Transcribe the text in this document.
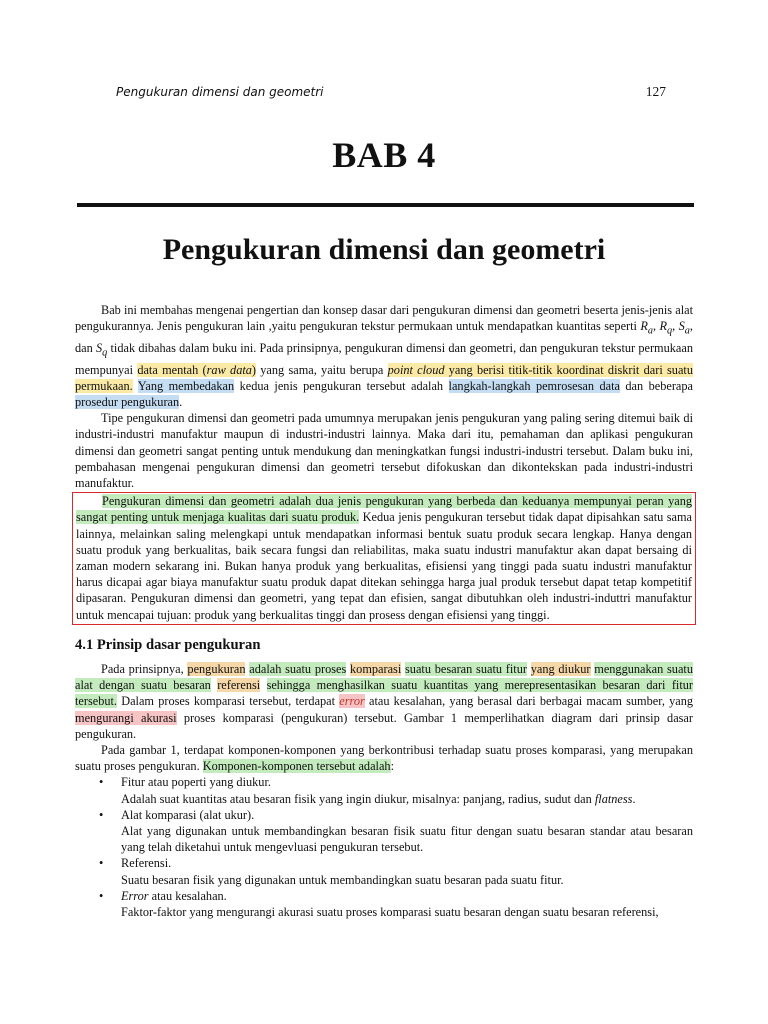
Pengukuran dimensi dan geometri	127
BAB 4
Pengukuran dimensi dan geometri

Bab ini membahas mengenai pengertian dan konsep dasar dari pengukuran dimensi dan geometri beserta jenis-jenis alat pengukurannya. Jenis pengukuran lain ,yaitu pengukuran tekstur permukaan untuk mendapatkan kuantitas seperti $R_a$, $R_q$, $S_a$, dan $S_q$ tidak dibahas dalam buku ini. Pada prinsipnya, pengukuran dimensi dan geometri, dan pengukuran tekstur permukaan mempunyai data mentah (raw data) yang sama, yaitu berupa point cloud yang berisi titik-titik koordinat diskrit dari suatu permukaan. Yang membedakan kedua jenis pengukuran tersebut adalah langkah-langkah pemrosesan data dan beberapa prosedur pengukuran.

Tipe pengukuran dimensi dan geometri pada umumnya merupakan jenis pengukuran yang paling sering ditemui baik di industri-industri manufaktur maupun di industri-industri lainnya. Maka dari itu, pemahaman dan aplikasi pengukuran dimensi dan geometri sangat penting untuk mendukung dan meningkatkan fungsi industri-industri tersebut. Dalam buku ini, pembahasan mengenai pengukuran dimensi dan geometri tersebut difokuskan dan dikontekskan pada industri-industri manufaktur.

Pengukuran dimensi dan geometri adalah dua jenis pengukuran yang berbeda dan keduanya mempunyai peran yang sangat penting untuk menjaga kualitas dari suatu produk. Kedua jenis pengukuran tersebut tidak dapat dipisahkan satu sama lainnya, melainkan saling melengkapi untuk mendapatkan informasi bentuk suatu produk secara lengkap. Hanya dengan suatu produk yang berkualitas, baik secara fungsi dan reliabilitas, maka suatu industri manufaktur akan dapat bersaing di zaman modern sekarang ini. Bukan hanya produk yang berkualitas, efisiensi yang tinggi pada suatu industri manufaktur harus dicapai agar biaya manufaktur suatu produk dapat ditekan sehingga harga jual produk tersebut dapat tetap kompetitif dipasaran. Pengukuran dimensi dan geometri, yang tepat dan efisien, sangat dibutuhkan oleh industri-induttri manufaktur untuk mencapai tujuan: produk yang berkualitas tinggi dan prosess dengan efisiensi yang tinggi.

4.1 Prinsip dasar pengukuran

Pada prinsipnya, pengukuran adalah suatu proses komparasi suatu besaran suatu fitur yang diukur menggunakan suatu alat dengan suatu besaran referensi sehingga menghasilkan suatu kuantitas yang merepresentasikan besaran dari fitur tersebut. Dalam proses komparasi tersebut, terdapat error atau kesalahan, yang berasal dari berbagai macam sumber, yang mengurangi akurasi proses komparasi (pengukuran) tersebut. Gambar 1 memperlihatkan diagram dari prinsip dasar pengukuran.

Pada gambar 1, terdapat komponen-komponen yang berkontribusi terhadap suatu proses komparasi, yang merupakan suatu proses pengukuran. Komponen-komponen tersebut adalah:

• Fitur atau poperti yang diukur.
Adalah suat kuantitas atau besaran fisik yang ingin diukur, misalnya: panjang, radius, sudut dan flatness.
• Alat komparasi (alat ukur).
Alat yang digunakan untuk membandingkan besaran fisik suatu fitur dengan suatu besaran standar atau besaran yang telah diketahui untuk mengevluasi pengukuran tersebut.
• Referensi.
Suatu besaran fisik yang digunakan untuk membandingkan suatu besaran pada suatu fitur.
• Error atau kesalahan.
Faktor-faktor yang mengurangi akurasi suatu proses komparasi suatu besaran dengan suatu besaran referensi,
